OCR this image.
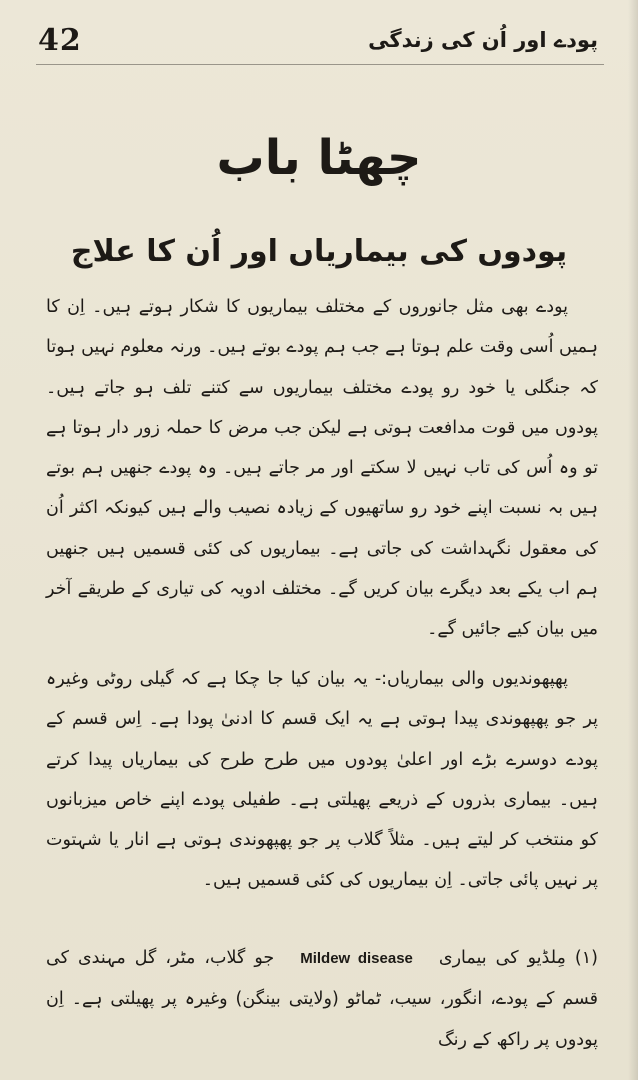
42	پودے اور اُن کی زندگی
چھٹا باب
پودوں کی بیماریاں اور اُن کا علاج

پودے بھی مثل جانوروں کے مختلف بیماریوں کا شکار ہوتے ہیں۔ اِن کا ہمیں اُسی وقت علم ہوتا ہے جب ہم پودے بوتے ہیں۔ ورنہ معلوم نہیں ہوتا کہ جنگلی یا خود رو پودے مختلف بیماریوں سے کتنے تلف ہو جاتے ہیں۔ پودوں میں قوت مدافعت ہوتی ہے لیکن جب مرض کا حملہ زور دار ہوتا ہے تو وہ اُس کی تاب نہیں لا سکتے اور مر جاتے ہیں۔ وہ پودے جنھیں ہم بوتے ہیں بہ نسبت اپنے خود رو ساتھیوں کے زیادہ نصیب والے ہیں کیونکہ اکثر اُن کی معقول نگہداشت کی جاتی ہے۔ بیماریوں کی کئی قسمیں ہیں جنھیں ہم اب یکے بعد دیگرے بیان کریں گے۔ مختلف ادویہ کی تیاری کے طریقے آخر میں بیان کیے جائیں گے۔

پھپھوندیوں والی بیماریاں:- یہ بیان کیا جا چکا ہے کہ گیلی روٹی وغیرہ پر جو پھپھوندی پیدا ہوتی ہے یہ ایک قسم کا ادنیٰ پودا ہے۔ اِس قسم کے پودے دوسرے بڑے اور اعلیٰ پودوں میں طرح طرح کی بیماریاں پیدا کرتے ہیں۔ بیماری بذروں کے ذریعے پھیلتی ہے۔ طفیلی پودے اپنے خاص میزبانوں کو منتخب کر لیتے ہیں۔ مثلاً گلاب پر جو پھپھوندی ہوتی ہے انار یا شہتوت پر نہیں پائی جاتی۔ اِن بیماریوں کی کئی قسمیں ہیں۔

(۱) مِلڈیو کی بیماریMildew diseaseجو گلاب، مٹر، گل مہندی کی قسم کے پودے، انگور، سیب، ٹماٹو (ولایتی بینگن) وغیرہ پر پھیلتی ہے۔ اِن پودوں پر راکھ کے رنگ
